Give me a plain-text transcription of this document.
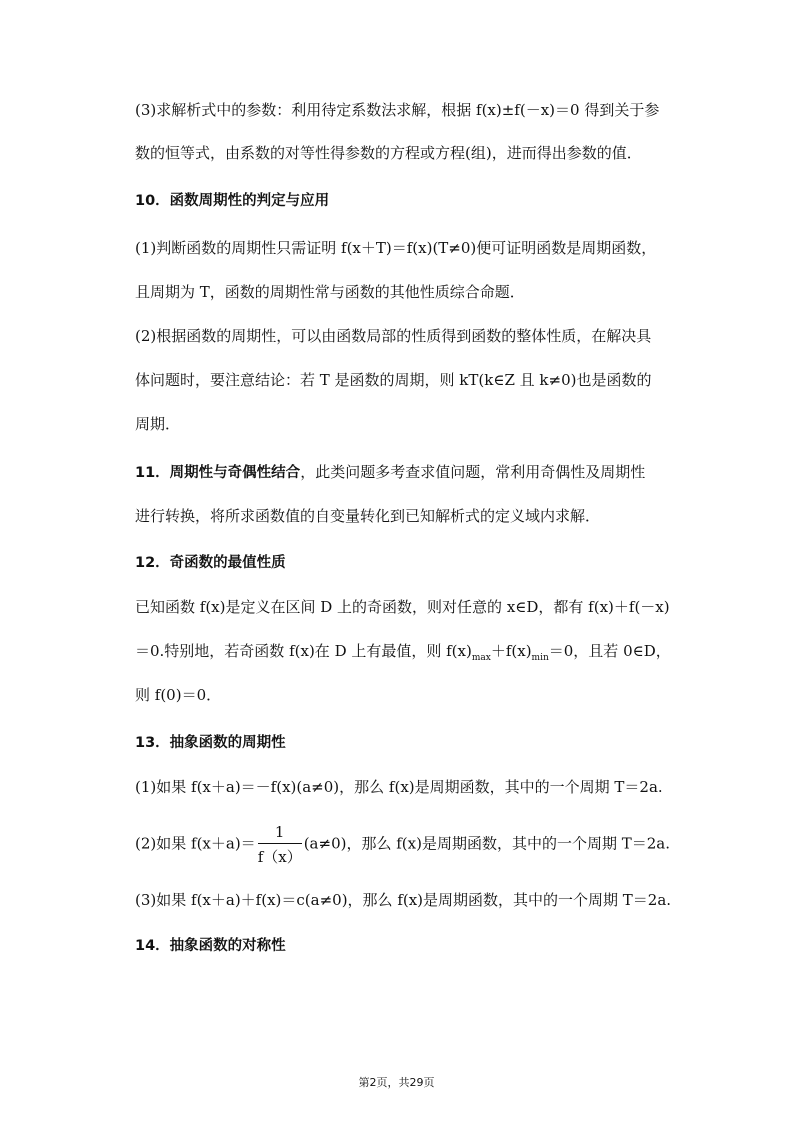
(3)求解析式中的参数：利用待定系数法求解，根据 f(x)±f(－x)＝0 得到关于参
数的恒等式，由系数的对等性得参数的方程或方程(组)，进而得出参数的值．
10．函数周期性的判定与应用
(1)判断函数的周期性只需证明 f(x＋T)＝f(x)(T≠0)便可证明函数是周期函数，
且周期为 T，函数的周期性常与函数的其他性质综合命题．
(2)根据函数的周期性，可以由函数局部的性质得到函数的整体性质，在解决具
体问题时，要注意结论：若 T 是函数的周期，则 kT(k∈Z 且 k≠0)也是函数的
周期．
11．周期性与奇偶性结合，此类问题多考查求值问题，常利用奇偶性及周期性
进行转换，将所求函数值的自变量转化到已知解析式的定义域内求解．
12．奇函数的最值性质
已知函数 f(x)是定义在区间 D 上的奇函数，则对任意的 x∈D，都有 f(x)＋f(－x)
＝0.特别地，若奇函数 f(x)在 D 上有最值，则 $f(x)_{max}+f(x)_{min}=0$，且若 0∈D，
则 f(0)＝0．
13．抽象函数的周期性
(1)如果 f(x＋a)＝－f(x)(a≠0)，那么 f(x)是周期函数，其中的一个周期 T＝2a.
(2)如果 $f(x+a)= \frac{1}{f(x)} (a\ne 0)$，那么 f(x)是周期函数，其中的一个周期 T＝2a.
(3)如果 f(x＋a)＋f(x)＝c(a≠0)，那么 f(x)是周期函数，其中的一个周期 T＝2a.
14．抽象函数的对称性
第2页，共29页
